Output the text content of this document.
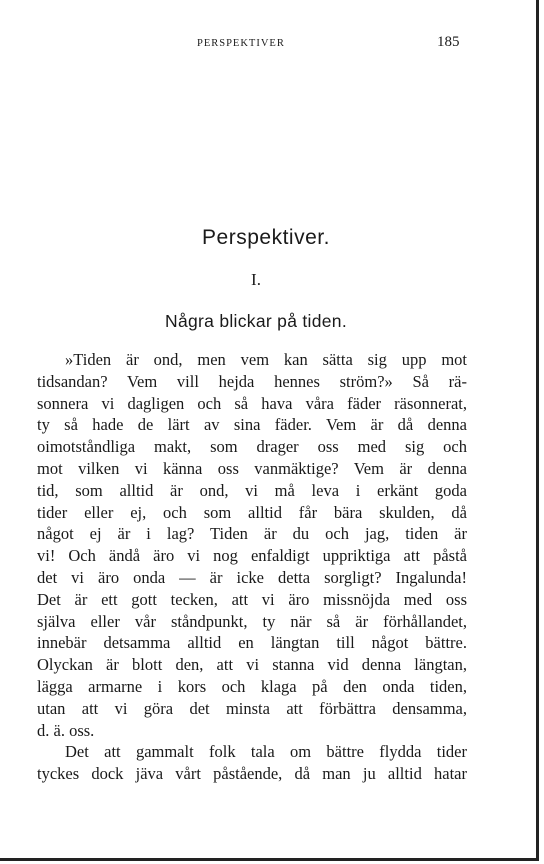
PERSPEKTIVER	185
Perspektiver.
I.
Några blickar på tiden.
»Tiden är ond, men vem kan sätta sig upp mot
tidsandan? Vem vill hejda hennes ström?» Så rä-
sonnera vi dagligen och så hava våra fäder räsonnerat,
ty så hade de lärt av sina fäder. Vem är då denna
oimotståndliga makt, som drager oss med sig och
mot vilken vi känna oss vanmäktige? Vem är denna
tid, som alltid är ond, vi må leva i erkänt goda
tider eller ej, och som alltid får bära skulden, då
något ej är i lag? Tiden är du och jag, tiden är
vi! Och ändå äro vi nog enfaldigt uppriktiga att påstå
det vi äro onda — är icke detta sorgligt? Ingalunda!
Det är ett gott tecken, att vi äro missnöjda med oss
själva eller vår ståndpunkt, ty när så är förhållandet,
innebär detsamma alltid en längtan till något bättre.
Olyckan är blott den, att vi stanna vid denna längtan,
lägga armarne i kors och klaga på den onda tiden,
utan att vi göra det minsta att förbättra densamma,
d. ä. oss.
Det att gammalt folk tala om bättre flydda tider
tyckes dock jäva vårt påstående, då man ju alltid hatar
